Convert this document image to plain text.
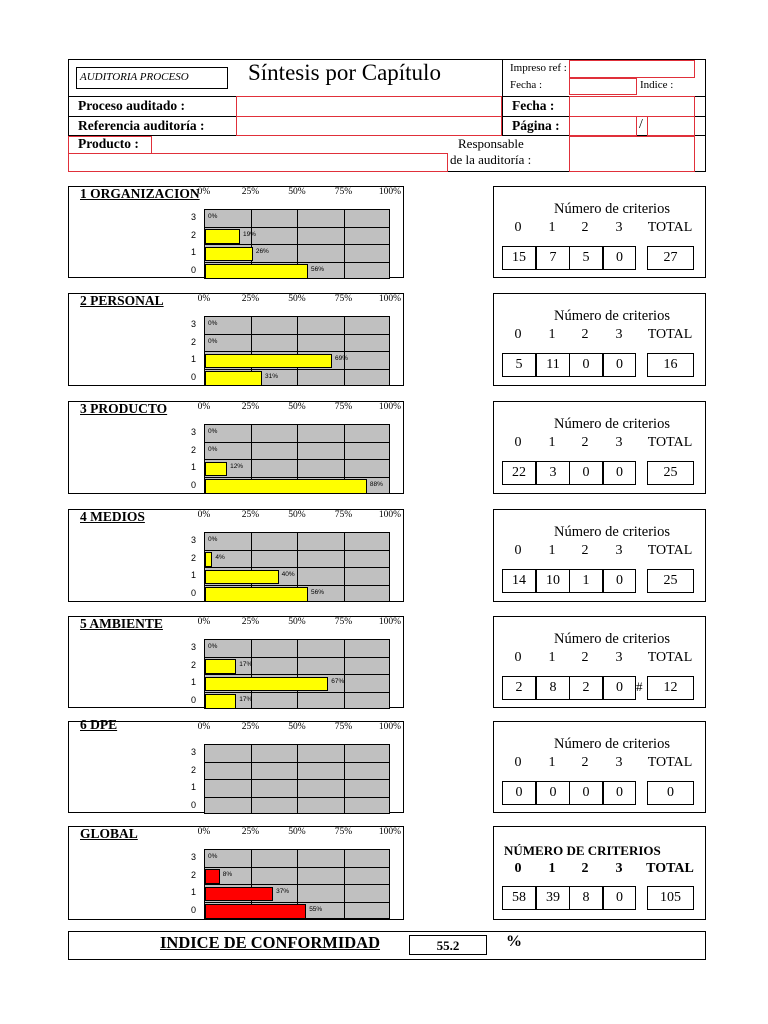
AUDITORIA PROCESO	Síntesis por Capítulo	Impreso ref :
Fecha :	Indice :
Proceso auditado :	Fecha :
Referencia auditoría :	Página :	/
Producto :	Responsable
de la auditoría :
1 ORGANIZACION
0%	25%	50%	75%	100%
0%
19%
26%
56%
3
2
1
0
Número de criterios
0 1 2 3 TOTAL
15	7	5	0	27
2 PERSONAL	0%	25%	50%	75%	100%
0%
0%
69%
31%
3
2
1
0
Número de criterios
0 1 2 3 TOTAL
5	11	0	0	16
3 PRODUCTO	0%	25%	50%	75%	100%
0%
0%
12%
88%
3
2
1
0
Número de criterios
0 1 2 3 TOTAL
22	3	0	0	25
4 MEDIOS	0%	25%	50%	75%	100%
0%
4%
40%
56%
3
2
1
0
Número de criterios
0 1 2 3 TOTAL
14	10	1	0	25
5 AMBIENTE	0%	25%	50%	75%	100%
0%
17%
67%
17%
3
2
1
0
Número de criterios
0 1 2 3 TOTAL
2	8	2	0	12
#
6 DPE	0%	25%	50%	75%	100%
3
2
1
0
Número de criterios
0 1 2 3 TOTAL
0	0	0	0	0
GLOBAL	0%	25%	50%	75%	100%
0%
8%
37%
55%
3
2
1
0
NÚMERO DE CRITERIOS
0 1 2 3 TOTAL
58	39	8	0	105
INDICE DE CONFORMIDAD	55.2	%
